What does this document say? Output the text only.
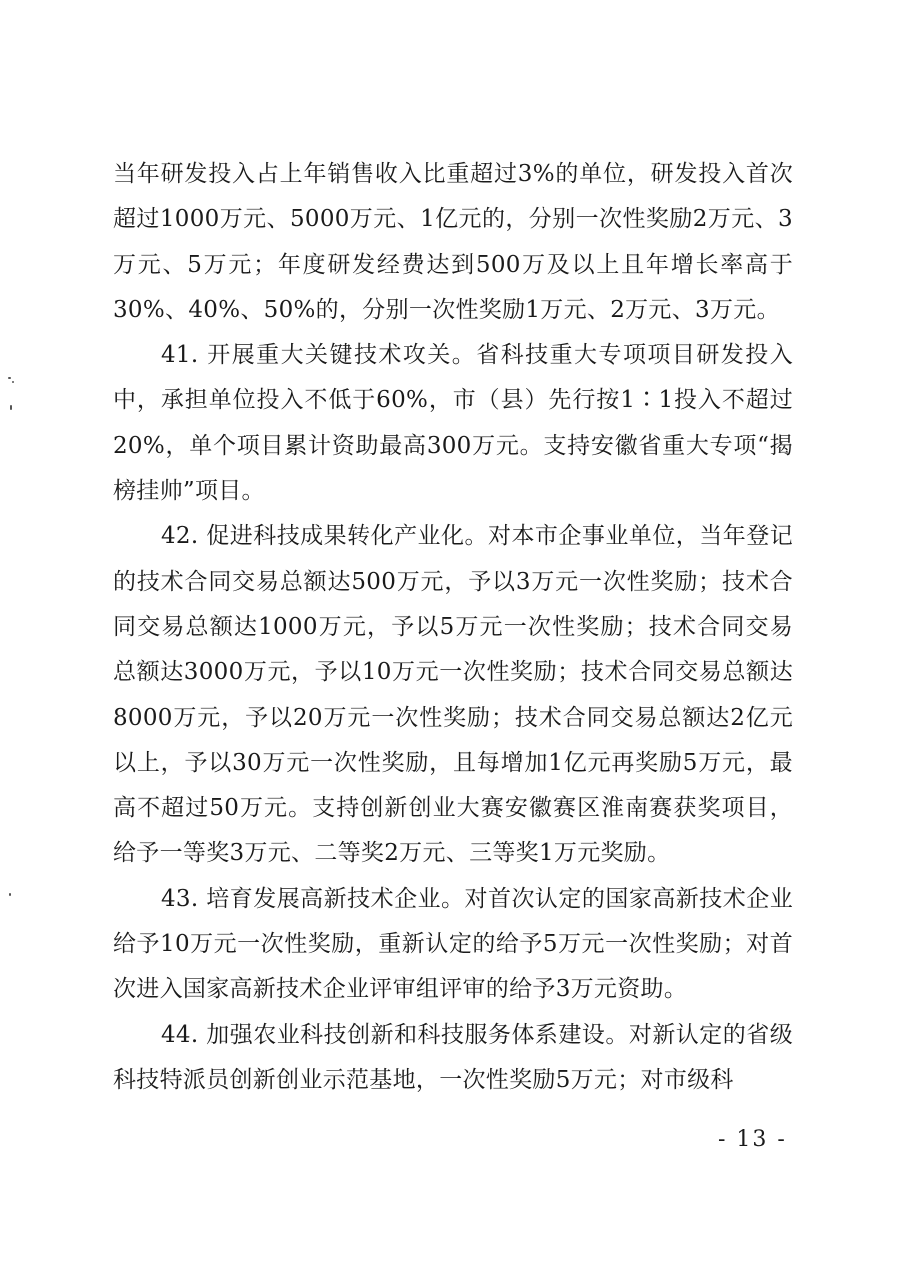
当年研发投入占上年销售收入比重超过3%的单位，研发投入首次超过1000万元、5000万元、1亿元的，分别一次性奖励2万元、3万元、5万元；年度研发经费达到500万及以上且年增长率高于30%、40%、50%的，分别一次性奖励1万元、2万元、3万元。

41. 开展重大关键技术攻关。省科技重大专项项目研发投入中，承担单位投入不低于60%，市（县）先行按1∶1投入不超过20%，单个项目累计资助最高300万元。支持安徽省重大专项“揭榜挂帅”项目。

42. 促进科技成果转化产业化。对本市企事业单位，当年登记的技术合同交易总额达500万元，予以3万元一次性奖励；技术合同交易总额达1000万元，予以5万元一次性奖励；技术合同交易总额达3000万元，予以10万元一次性奖励；技术合同交易总额达8000万元，予以20万元一次性奖励；技术合同交易总额达2亿元以上，予以30万元一次性奖励，且每增加1亿元再奖励5万元，最高不超过50万元。支持创新创业大赛安徽赛区淮南赛获奖项目，给予一等奖3万元、二等奖2万元、三等奖1万元奖励。

43. 培育发展高新技术企业。对首次认定的国家高新技术企业给予10万元一次性奖励，重新认定的给予5万元一次性奖励；对首次进入国家高新技术企业评审组评审的给予3万元资助。

44. 加强农业科技创新和科技服务体系建设。对新认定的省级科技特派员创新创业示范基地，一次性奖励5万元；对市级科

- 13 -
